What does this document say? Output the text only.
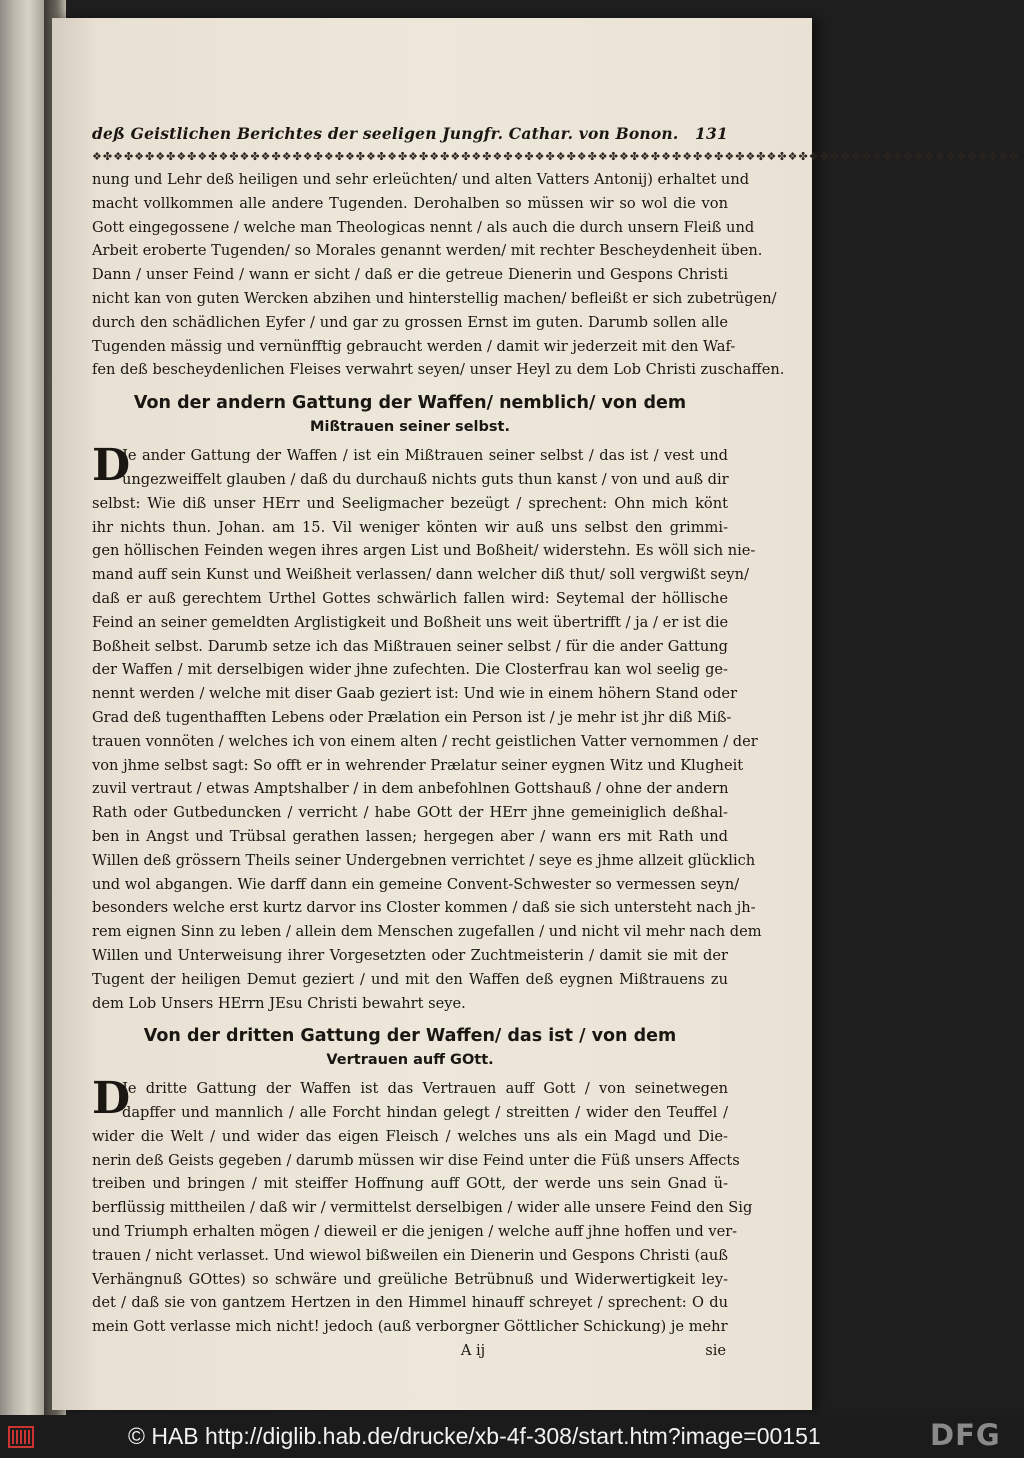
deß Geistlichen Berichtes der seeligen Jungfr. Cathar. von Bonon. 131
❖✤❖✤❖✤❖✤❖✤❖✤❖✤❖✤❖✤❖✤❖✤❖✤❖✤❖✤❖✤❖✤❖✤❖✤❖✤❖✤❖✤❖✤❖✤❖✤❖✤❖✤❖✤❖✤❖✤❖✤❖✤❖✤❖✤❖✤❖✤❖✤❖✤❖✤❖✤❖✤❖✤❖✤❖✤❖✤
nung und Lehr deß heiligen und sehr erleüchten/ und alten Vatters Antonij) erhaltet und
macht vollkommen alle andere Tugenden. Derohalben so müssen wir so wol die von
Gott eingegossene / welche man Theologicas nennt / als auch die durch unsern Fleiß und
Arbeit eroberte Tugenden/ so Morales genannt werden/ mit rechter Bescheydenheit üben.
Dann / unser Feind / wann er sicht / daß er die getreue Dienerin und Gespons Christi
nicht kan von guten Wercken abzihen und hinterstellig machen/ befleißt er sich zubetrügen/
durch den schädlichen Eyfer / und gar zu grossen Ernst im guten. Darumb sollen alle
Tugenden mässig und vernünfftig gebraucht werden / damit wir jederzeit mit den Waf-
fen deß bescheydenlichen Fleises verwahrt seyen/ unser Heyl zu dem Lob Christi zuschaffen.
Von der andern Gattung der Waffen/ nemblich/ von dem
Mißtrauen seiner selbst.
D
Je ander Gattung der Waffen / ist ein Mißtrauen seiner selbst / das ist / vest und
ungezweiffelt glauben / daß du durchauß nichts guts thun kanst / von und auß dir
selbst: Wie diß unser HErr und Seeligmacher bezeügt / sprechent: Ohn mich könt
ihr nichts thun. Johan. am 15. Vil weniger könten wir auß uns selbst den grimmi-
gen höllischen Feinden wegen ihres argen List und Boßheit/ widerstehn. Es wöll sich nie-
mand auff sein Kunst und Weißheit verlassen/ dann welcher diß thut/ soll vergwißt seyn/
daß er auß gerechtem Urthel Gottes schwärlich fallen wird: Seytemal der höllische
Feind an seiner gemeldten Arglistigkeit und Boßheit uns weit übertrifft / ja / er ist die
Boßheit selbst. Darumb setze ich das Mißtrauen seiner selbst / für die ander Gattung
der Waffen / mit derselbigen wider jhne zufechten. Die Closterfrau kan wol seelig ge-
nennt werden / welche mit diser Gaab geziert ist: Und wie in einem höhern Stand oder
Grad deß tugenthafften Lebens oder Prælation ein Person ist / je mehr ist jhr diß Miß-
trauen vonnöten / welches ich von einem alten / recht geistlichen Vatter vernommen / der
von jhme selbst sagt: So offt er in wehrender Prælatur seiner eygnen Witz und Klugheit
zuvil vertraut / etwas Amptshalber / in dem anbefohlnen Gottshauß / ohne der andern
Rath oder Gutbeduncken / verricht / habe GOtt der HErr jhne gemeiniglich deßhal-
ben in Angst und Trübsal gerathen lassen; hergegen aber / wann ers mit Rath und
Willen deß grössern Theils seiner Undergebnen verrichtet / seye es jhme allzeit glücklich
und wol abgangen. Wie darff dann ein gemeine Convent-Schwester so vermessen seyn/
besonders welche erst kurtz darvor ins Closter kommen / daß sie sich untersteht nach jh-
rem eignen Sinn zu leben / allein dem Menschen zugefallen / und nicht vil mehr nach dem
Willen und Unterweisung ihrer Vorgesetzten oder Zuchtmeisterin / damit sie mit der
Tugent der heiligen Demut geziert / und mit den Waffen deß eygnen Mißtrauens zu
dem Lob Unsers HErrn JEsu Christi bewahrt seye.
Von der dritten Gattung der Waffen/ das ist / von dem
Vertrauen auff GOtt.
D
Je dritte Gattung der Waffen ist das Vertrauen auff Gott / von seinetwegen
dapffer und mannlich / alle Forcht hindan gelegt / streitten / wider den Teuffel /
wider die Welt / und wider das eigen Fleisch / welches uns als ein Magd und Die-
nerin deß Geists gegeben / darumb müssen wir dise Feind unter die Füß unsers Affects
treiben und bringen / mit steiffer Hoffnung auff GOtt, der werde uns sein Gnad ü-
berflüssig mittheilen / daß wir / vermittelst derselbigen / wider alle unsere Feind den Sig
und Triumph erhalten mögen / dieweil er die jenigen / welche auff jhne hoffen und ver-
trauen / nicht verlasset. Und wiewol bißweilen ein Dienerin und Gespons Christi (auß
Verhängnuß GOttes) so schwäre und greüliche Betrübnuß und Widerwertigkeit ley-
det / daß sie von gantzem Hertzen in den Himmel hinauff schreyet / sprechent: O du
mein Gott verlasse mich nicht! jedoch (auß verborgner Göttlicher Schickung) je mehr
A ij	sie
© HAB http://diglib.hab.de/drucke/xb-4f-308/start.htm?image=00151	DFG
